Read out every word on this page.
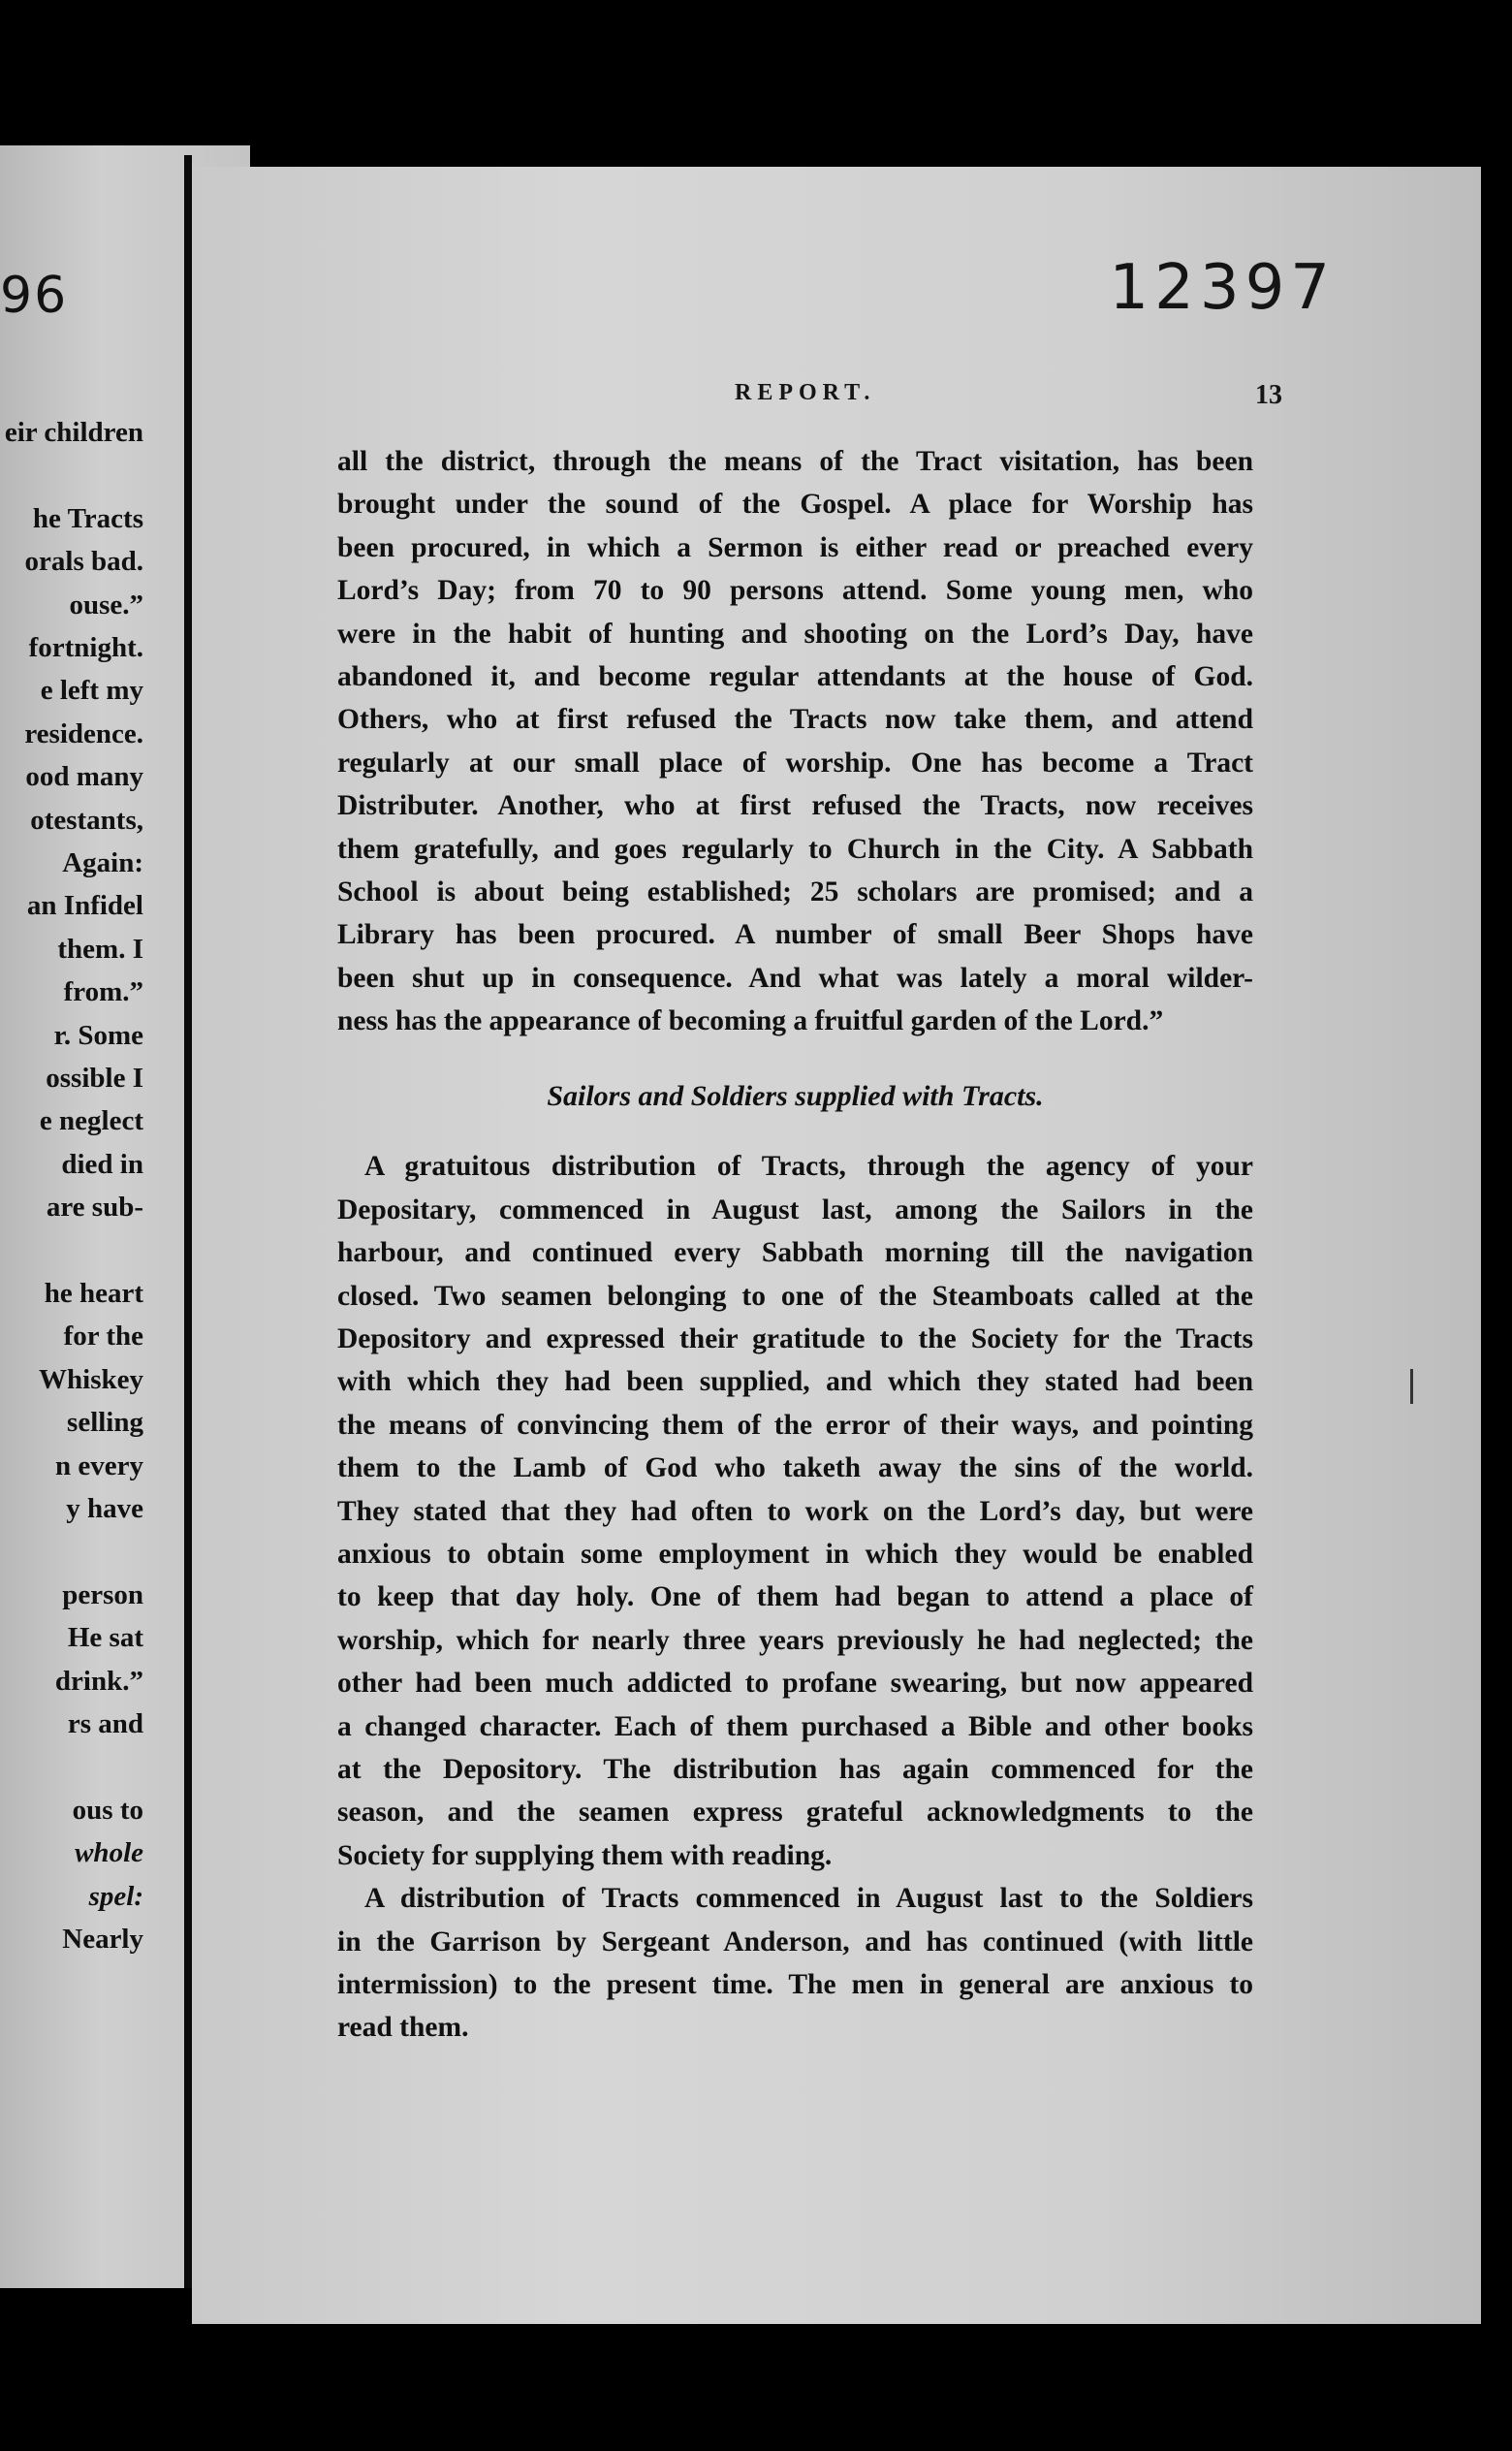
96
eir children
he Tracts
orals bad.
ouse.”
fortnight.
e left my
residence.
ood many
otestants,
Again:
an Infidel
them. I
from.”
r. Some
ossible I
e neglect
died in
are sub-
he heart
for the
Whiskey
selling
n every
y have
person
He sat
drink.”
rs and
ous to
whole
spel:
Nearly
12397
REPORT.	13
all the district, through the means of the Tract visitation, has been
brought under the sound of the Gospel. A place for Worship has
been procured, in which a Sermon is either read or preached every
Lord’s Day; from 70 to 90 persons attend. Some young men, who
were in the habit of hunting and shooting on the Lord’s Day, have
abandoned it, and become regular attendants at the house of God.
Others, who at first refused the Tracts now take them, and attend
regularly at our small place of worship. One has become a Tract
Distributer. Another, who at first refused the Tracts, now receives
them gratefully, and goes regularly to Church in the City. A Sabbath
School is about being established; 25 scholars are promised; and a
Library has been procured. A number of small Beer Shops have
been shut up in consequence. And what was lately a moral wilder-
ness has the appearance of becoming a fruitful garden of the Lord.”
Sailors and Soldiers supplied with Tracts.
A gratuitous distribution of Tracts, through the agency of your
Depositary, commenced in August last, among the Sailors in the
harbour, and continued every Sabbath morning till the navigation
closed. Two seamen belonging to one of the Steamboats called at the
Depository and expressed their gratitude to the Society for the Tracts
with which they had been supplied, and which they stated had been
the means of convincing them of the error of their ways, and pointing
them to the Lamb of God who taketh away the sins of the world.
They stated that they had often to work on the Lord’s day, but were
anxious to obtain some employment in which they would be enabled
to keep that day holy. One of them had began to attend a place of
worship, which for nearly three years previously he had neglected; the
other had been much addicted to profane swearing, but now appeared
a changed character. Each of them purchased a Bible and other books
at the Depository. The distribution has again commenced for the
season, and the seamen express grateful acknowledgments to the
Society for supplying them with reading.
A distribution of Tracts commenced in August last to the Soldiers
in the Garrison by Sergeant Anderson, and has continued (with little
intermission) to the present time. The men in general are anxious to
read them.
